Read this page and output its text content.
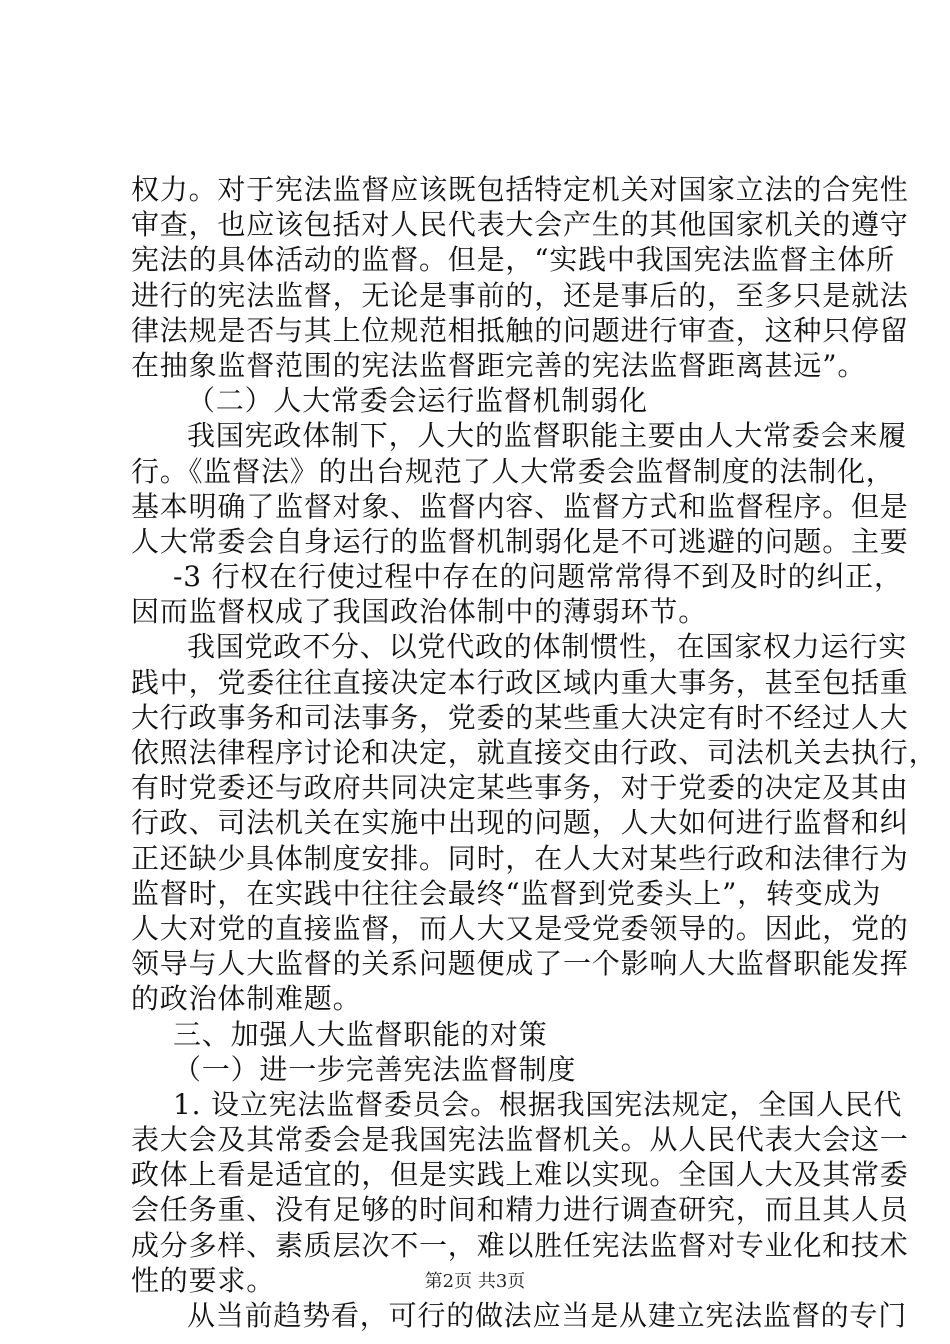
权力。对于宪法监督应该既包括特定机关对国家立法的合宪性
审查，也应该包括对人民代表大会产生的其他国家机关的遵守
宪法的具体活动的监督。但是，“实践中我国宪法监督主体所
进行的宪法监督，无论是事前的，还是事后的，至多只是就法
律法规是否与其上位规范相抵触的问题进行审查，这种只停留
在抽象监督范围的宪法监督距完善的宪法监督距离甚远”。
（二）人大常委会运行监督机制弱化
我国宪政体制下，人大的监督职能主要由人大常委会来履
行。《监督法》的出台规范了人大常委会监督制度的法制化，
基本明确了监督对象、监督内容、监督方式和监督程序。但是
人大常委会自身运行的监督机制弱化是不可逃避的问题。主要
-3 行权在行使过程中存在的问题常常得不到及时的纠正，
因而监督权成了我国政治体制中的薄弱环节。
我国党政不分、以党代政的体制惯性，在国家权力运行实
践中，党委往往直接决定本行政区域内重大事务，甚至包括重
大行政事务和司法事务，党委的某些重大决定有时不经过人大
依照法律程序讨论和决定，就直接交由行政、司法机关去执行，
有时党委还与政府共同决定某些事务，对于党委的决定及其由
行政、司法机关在实施中出现的问题，人大如何进行监督和纠
正还缺少具体制度安排。同时，在人大对某些行政和法律行为
监督时，在实践中往往会最终“监督到党委头上”，转变成为
人大对党的直接监督，而人大又是受党委领导的。因此，党的
领导与人大监督的关系问题便成了一个影响人大监督职能发挥
的政治体制难题。
三、加强人大监督职能的对策
（一）进一步完善宪法监督制度
1. 设立宪法监督委员会。根据我国宪法规定，全国人民代
表大会及其常委会是我国宪法监督机关。从人民代表大会这一
政体上看是适宜的，但是实践上难以实现。全国人大及其常委
会任务重、没有足够的时间和精力进行调查研究，而且其人员
成分多样、素质层次不一，难以胜任宪法监督对专业化和技术
性的要求。
从当前趋势看，可行的做法应当是从建立宪法监督的专门
第2页 共3页
